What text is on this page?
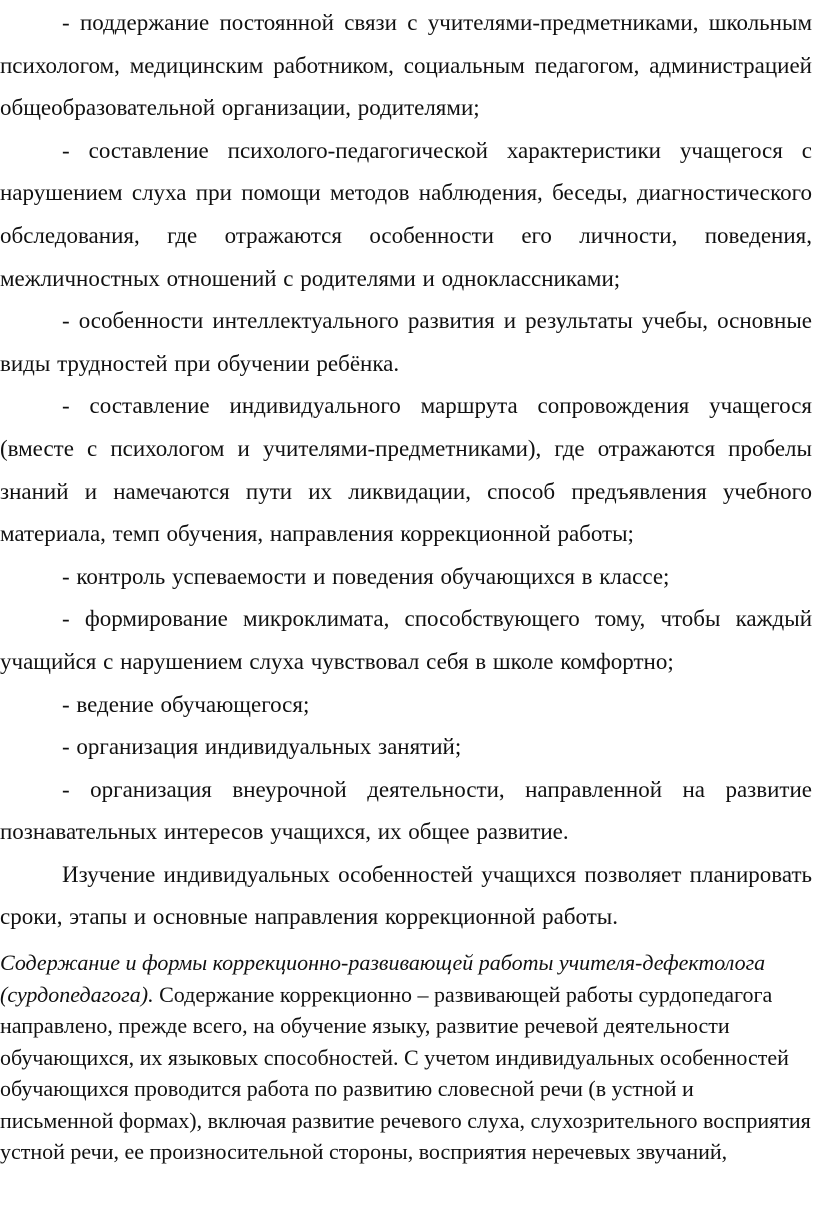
- поддержание постоянной связи с учителями-предметниками, школьным психологом, медицинским работником, социальным педагогом, администрацией общеобразовательной организации, родителями;

- составление психолого-педагогической характеристики учащегося с нарушением слуха при помощи методов наблюдения, беседы, диагностического обследования, где отражаются особенности его личности, поведения, межличностных отношений с родителями и одноклассниками;

- особенности интеллектуального развития и результаты учебы, основные виды трудностей при обучении ребёнка.

- составление индивидуального маршрута сопровождения учащегося (вместе с психологом и учителями-предметниками), где отражаются пробелы знаний и намечаются пути их ликвидации, способ предъявления учебного материала, темп обучения, направления коррекционной работы;

- контроль успеваемости и поведения обучающихся в классе;

- формирование микроклимата, способствующего тому, чтобы каждый учащийся с нарушением слуха чувствовал себя в школе комфортно;

- ведение обучающегося;

- организация индивидуальных занятий;

- организация внеурочной деятельности, направленной на развитие познавательных интересов учащихся, их общее развитие.

Изучение индивидуальных особенностей учащихся позволяет планировать сроки, этапы и основные направления коррекционной работы.

Содержание и формы коррекционно-развивающей работы учителя-дефектолога (сурдопедагога). Содержание коррекционно – развивающей работы сурдопедагога направлено, прежде всего, на обучение языку, развитие речевой деятельности обучающихся, их языковых способностей. С учетом индивидуальных особенностей обучающихся проводится работа по развитию словесной речи (в устной и письменной формах), включая развитие речевого слуха, слухозрительного восприятия устной речи, ее произносительной стороны, восприятия неречевых звучаний,
